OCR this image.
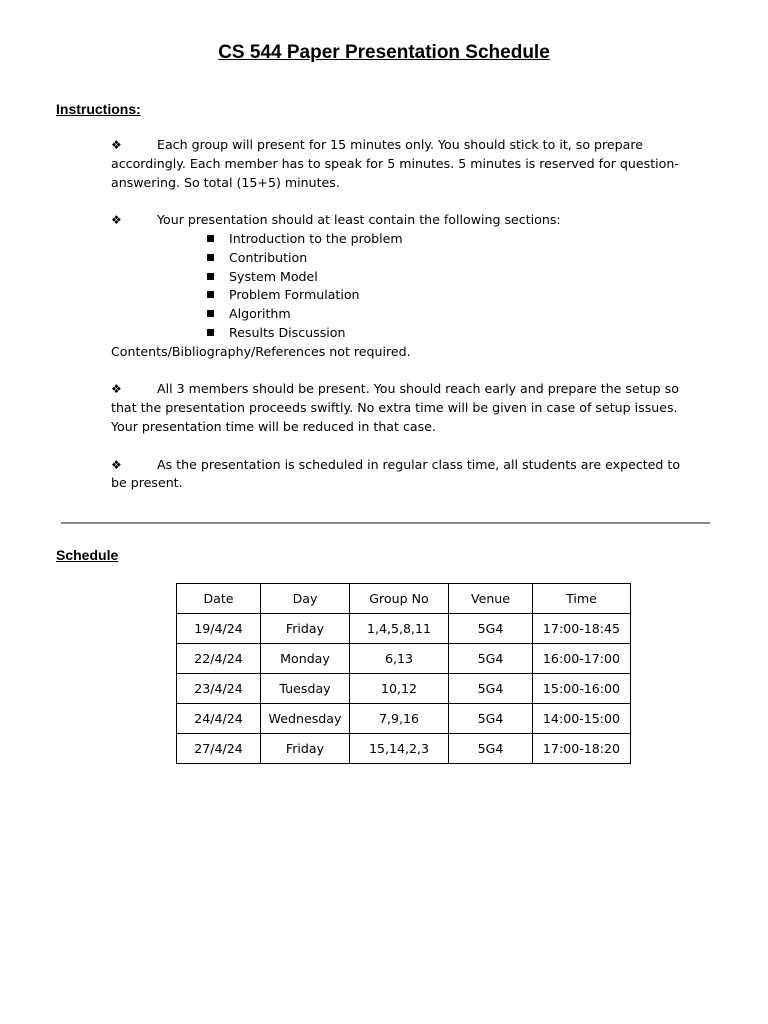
CS 544 Paper Presentation Schedule
Instructions:
❖	Each group will present for 15 minutes only. You should stick to it, so prepare accordingly. Each member has to speak for 5 minutes. 5 minutes is reserved for question-answering. So total (15+5) minutes.
❖	Your presentation should at least contain the following sections:
Introduction to the problem
Contribution
System Model
Problem Formulation
Algorithm
Results Discussion
Contents/Bibliography/References not required.
❖	All 3 members should be present. You should reach early and prepare the setup so that the presentation proceeds swiftly. No extra time will be given in case of setup issues. Your presentation time will be reduced in that case.
❖	As the presentation is scheduled in regular class time, all students are expected to be present.
Schedule
Date	Day	Group No	Venue	Time
19/4/24	Friday	1,4,5,8,11	5G4	17:00-18:45
22/4/24	Monday	6,13	5G4	16:00-17:00
23/4/24	Tuesday	10,12	5G4	15:00-16:00
24/4/24	Wednesday	7,9,16	5G4	14:00-15:00
27/4/24	Friday	15,14,2,3	5G4	17:00-18:20
